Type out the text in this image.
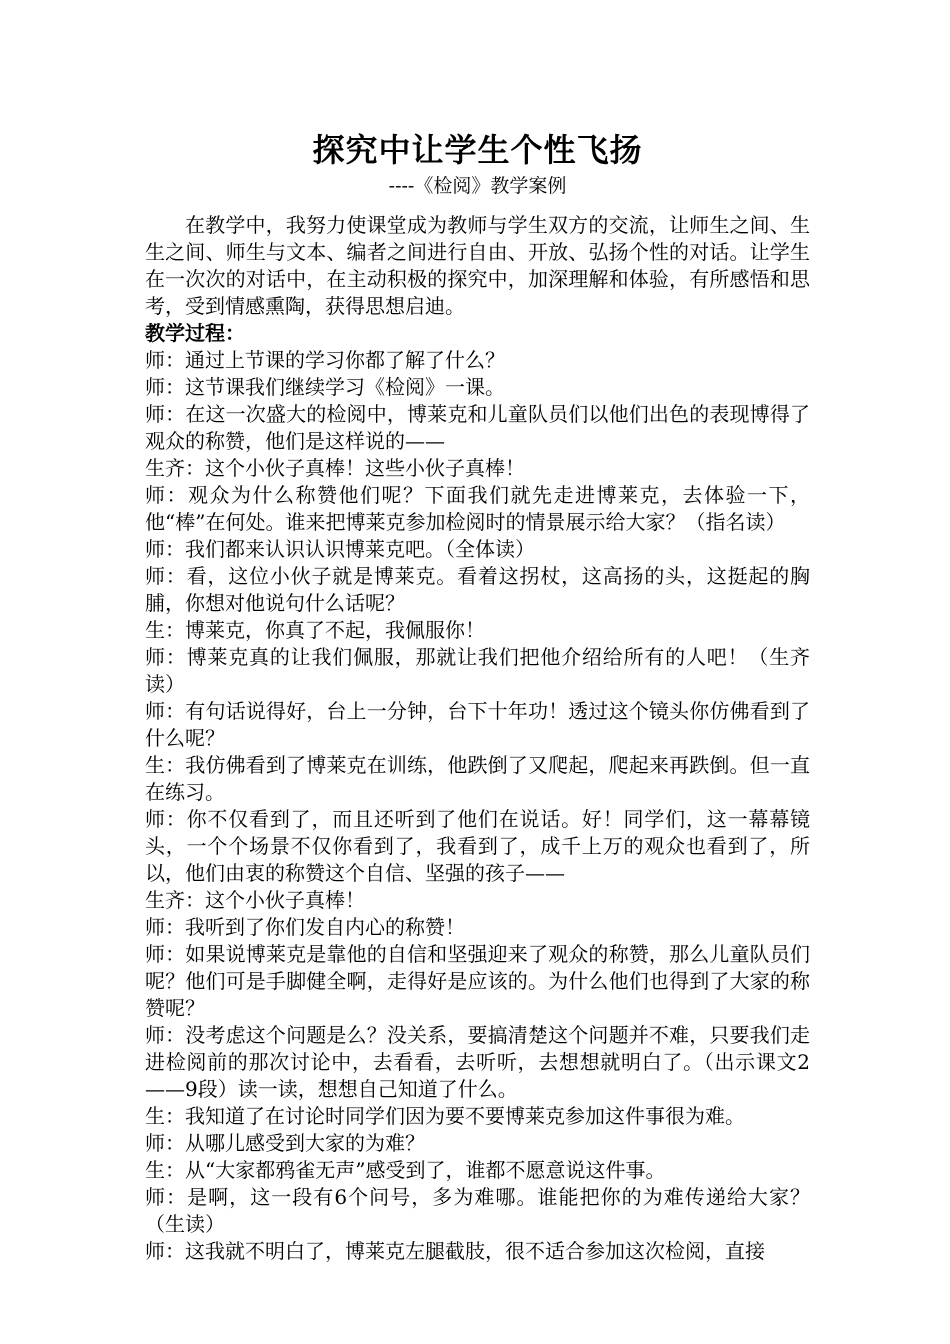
探究中让学生个性飞扬
----《检阅》教学案例

在教学中，我努力使课堂成为教师与学生双方的交流，让师生之间、生生之间、师生与文本、编者之间进行自由、开放、弘扬个性的对话。让学生在一次次的对话中，在主动积极的探究中，加深理解和体验，有所感悟和思考，受到情感熏陶，获得思想启迪。

教学过程：

师：通过上节课的学习你都了解了什么？

师：这节课我们继续学习《检阅》一课。

师：在这一次盛大的检阅中，博莱克和儿童队员们以他们出色的表现博得了观众的称赞，他们是这样说的——

生齐：这个小伙子真棒！这些小伙子真棒！

师：观众为什么称赞他们呢？下面我们就先走进博莱克，去体验一下，他“棒”在何处。谁来把博莱克参加检阅时的情景展示给大家？（指名读）

师：我们都来认识认识博莱克吧。（全体读）

师：看，这位小伙子就是博莱克。看着这拐杖，这高扬的头，这挺起的胸脯，你想对他说句什么话呢？

生：博莱克，你真了不起，我佩服你！

师：博莱克真的让我们佩服，那就让我们把他介绍给所有的人吧！（生齐读）

师：有句话说得好，台上一分钟，台下十年功！透过这个镜头你仿佛看到了什么呢？

生：我仿佛看到了博莱克在训练，他跌倒了又爬起，爬起来再跌倒。但一直在练习。

师：你不仅看到了，而且还听到了他们在说话。好！同学们，这一幕幕镜头，一个个场景不仅你看到了，我看到了，成千上万的观众也看到了，所以，他们由衷的称赞这个自信、坚强的孩子——

生齐：这个小伙子真棒！

师：我听到了你们发自内心的称赞！

师：如果说博莱克是靠他的自信和坚强迎来了观众的称赞，那么儿童队员们呢？他们可是手脚健全啊，走得好是应该的。为什么他们也得到了大家的称赞呢？

师：没考虑这个问题是么？没关系，要搞清楚这个问题并不难，只要我们走进检阅前的那次讨论中，去看看，去听听，去想想就明白了。（出示课文2——9段）读一读，想想自己知道了什么。

生：我知道了在讨论时同学们因为要不要博莱克参加这件事很为难。

师：从哪儿感受到大家的为难？

生：从“大家都鸦雀无声”感受到了，谁都不愿意说这件事。

师：是啊，这一段有6个问号，多为难哪。谁能把你的为难传递给大家？（生读）

师：这我就不明白了，博莱克左腿截肢，很不适合参加这次检阅，直接
